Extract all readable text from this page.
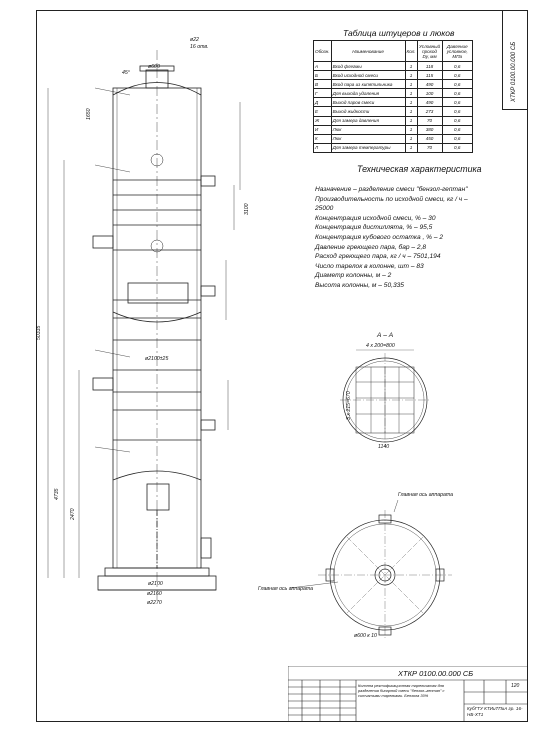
ХТКР 0100.00.000 СБ
50335
4735
2470
1650
3100
ø2100
ø2160
ø2270
ø2100±25
ø22
16 отв.
ø600
45°
А – А
4 x 200=800
3 x 215=670
1140
Главная ось аппарата
Главная ось аппарата
ø600 к 10
Таблица штуцеров и люков
Обозн.	Наименование	Кол.	Условный проход Dу, мм	Давление условное, МПа
А	Вход флегмы	1	118	0,6
Б	Вход исходной смеси	1	115	0,6
В	Вход пара из кипятильника	1	490	0,6
Г	Для выхода удаления	1	100	0,6
Д	Выход паров смеси	1	490	0,6
Е	Выход жидкости	1	273	0,6
Ж	Для замера давления	1	70	0,6
И	Люк	1	380	0,6
К	Люк	1	450	0,6
Л	Для замера температуры	1	70	0,6
Техническая характеристика
Назначение – разделение смеси "бензол-гептан"
Производительность по исходной смеси, кг / ч –
25000
Концентрация исходной смеси, % – 30
Концентрация дистиллята, % – 95,5
Концентрация кубового остатка , % – 2
Давление греющего пара, бар – 2,8
Расход греющего пара, кг / ч – 7501,194
Число тарелок в колонне, шт – 83
Диаметр колонны, м – 2
Высота колонны, м – 50,335
ХТКР 0100.00.000 СБ
Колонна ректификационная тарельчатая для разделения бинарной смеси "бензол–гептан" с ситчатыми тарелками. Бензола 30%
120
КубГТУ КТИиТПиА гр. 16-НБ-ХТ1
